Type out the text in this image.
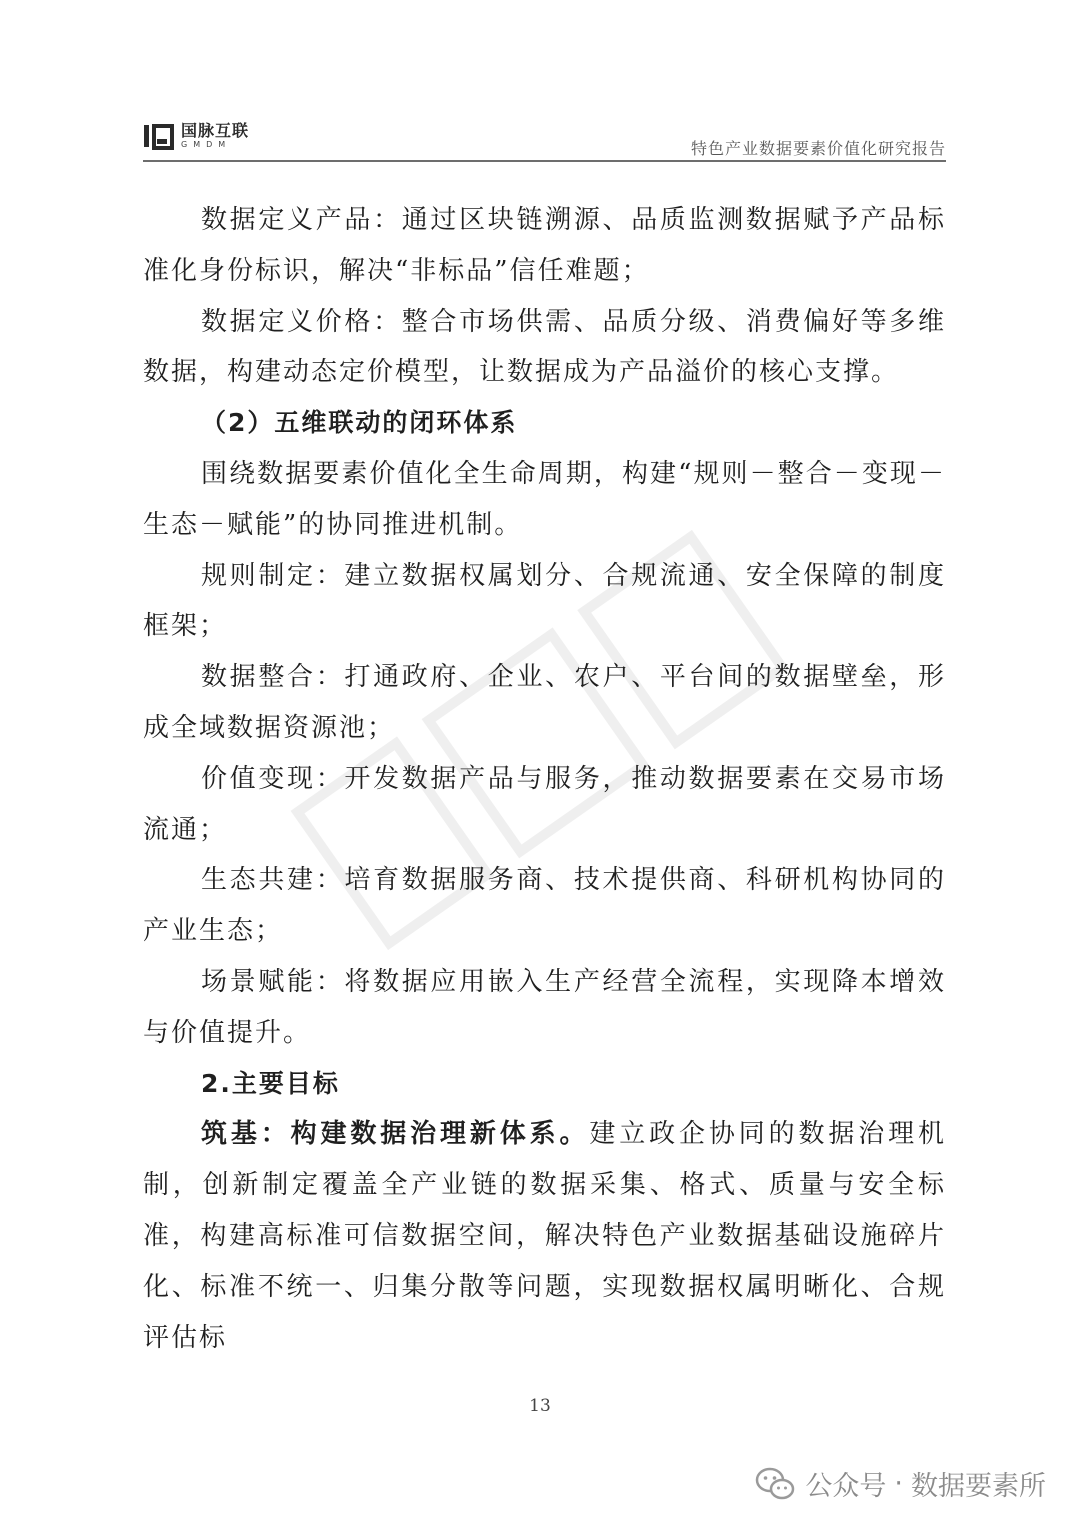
国脉互联
GMDM	特色产业数据要素价值化研究报告

数据定义产品：通过区块链溯源、品质监测数据赋予产品标准化身份标识，解决“非标品”信任难题；

数据定义价格：整合市场供需、品质分级、消费偏好等多维数据，构建动态定价模型，让数据成为产品溢价的核心支撑。

（2）五维联动的闭环体系

围绕数据要素价值化全生命周期，构建“规则－整合－变现－生态－赋能”的协同推进机制。

规则制定：建立数据权属划分、合规流通、安全保障的制度框架；

数据整合：打通政府、企业、农户、平台间的数据壁垒，形成全域数据资源池；

价值变现：开发数据产品与服务，推动数据要素在交易市场流通；

生态共建：培育数据服务商、技术提供商、科研机构协同的产业生态；

场景赋能：将数据应用嵌入生产经营全流程，实现降本增效与价值提升。

2.主要目标

筑基：构建数据治理新体系。建立政企协同的数据治理机制，创新制定覆盖全产业链的数据采集、格式、质量与安全标准，构建高标准可信数据空间，解决特色产业数据基础设施碎片化、标准不统一、归集分散等问题，实现数据权属明晰化、合规评估标

13
公众号 · 数据要素所
